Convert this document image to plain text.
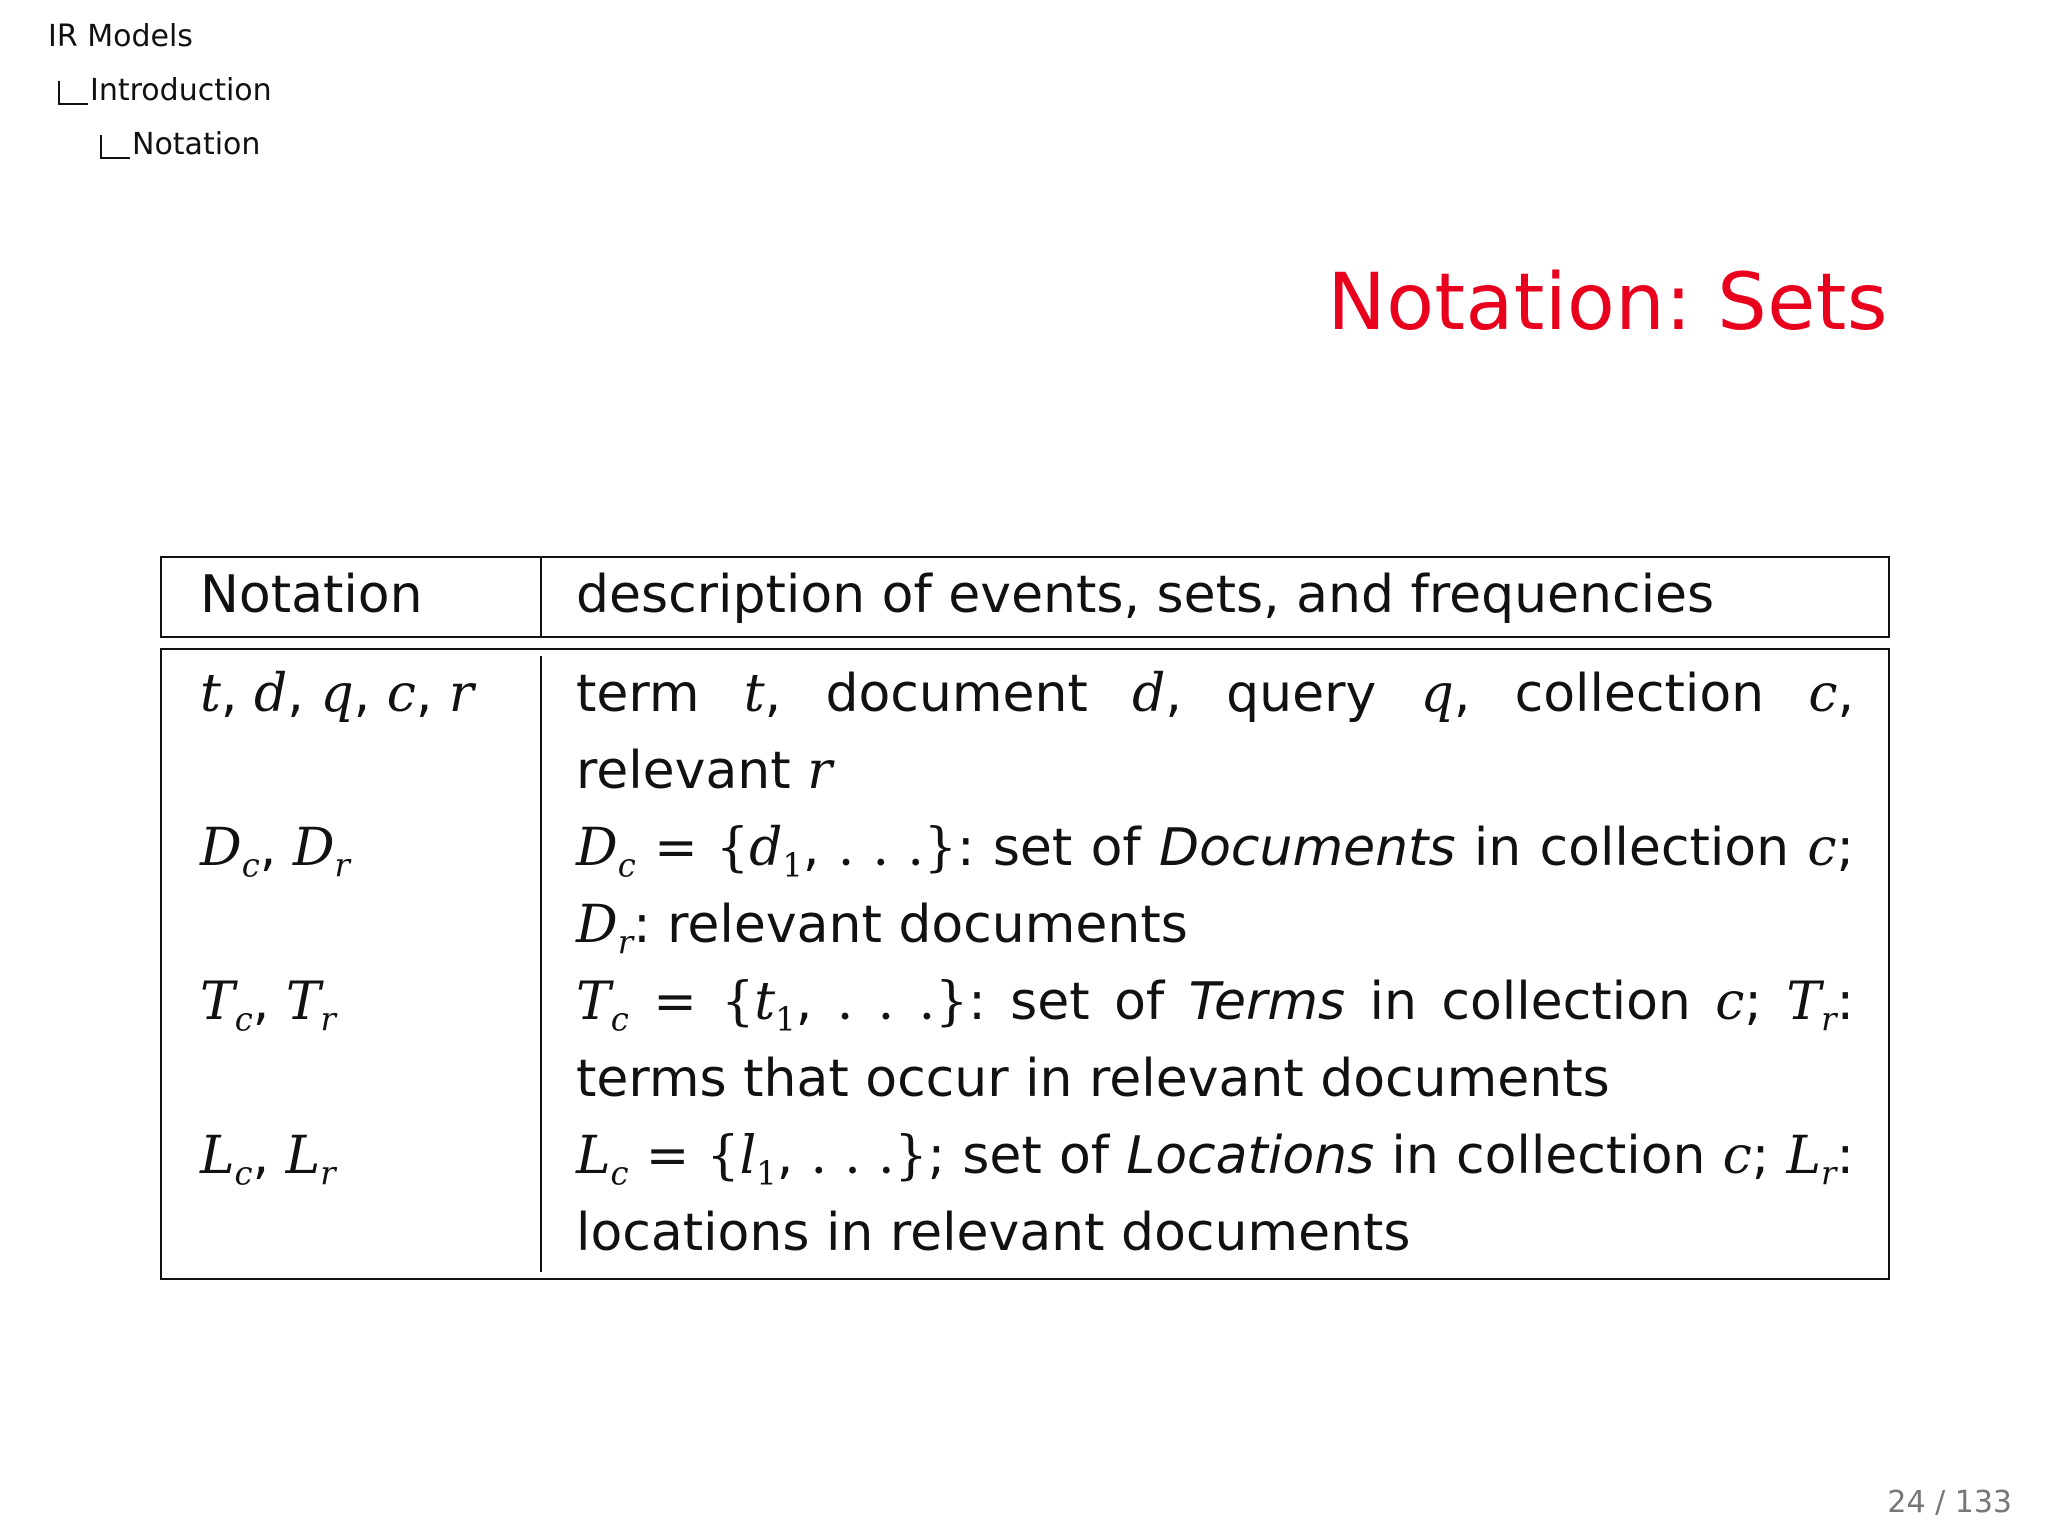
IR Models
Introduction
Notation
Notation: Sets
Notation	description of events, sets, and frequencies
t, d, q, c, r
$D_c$, $D_r$
$T_c$, $T_r$
$L_c$, $L_r$
term t, document d, query q, collection c, relevant r
$D_c = \{d_1$, . . .}: set of Documents in collection c; $D_r$: relevant documents
$T_c = \{t_1$, . . .}: set of Terms in collection c; $T_r$: terms that occur in relevant documents
$L_c = \{l_1$, . . .}; set of Locations in collection c; $L_r$: locations in relevant documents
24 / 133
